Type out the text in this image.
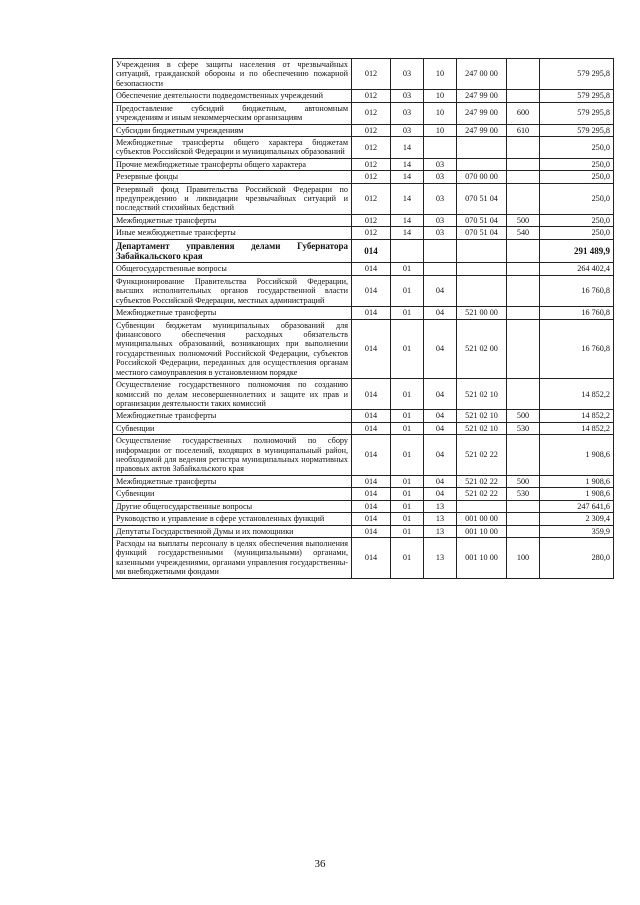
Учреждения в сфере защиты населения от чрезвычайных ситуаций, гражданской обороны и по обеспечению пожарной безопасности	012	03	10	247 00 00		579 295,8
Обеспечение деятельности подведомственных учреждений	012	03	10	247 99 00		579 295,8
Предоставление субсидий бюджетным, автономным учреждениям и иным некоммерческим организациям	012	03	10	247 99 00	600	579 295,8
Субсидии бюджетным учреждениям	012	03	10	247 99 00	610	579 295,8
Межбюджетные трансферты общего характера бюджетам субъектов Российской Федерации и муниципальных образований	012	14				250,0
Прочие межбюджетные трансферты общего характера	012	14	03			250,0
Резервные фонды	012	14	03	070 00 00		250,0
Резервный фонд Правительства Российской Федерации по предупреждению и ликвидации чрезвычайных ситуаций и последствий стихийных бедствий	012	14	03	070 51 04		250,0
Межбюджетные трансферты	012	14	03	070 51 04	500	250,0
Иные межбюджетные трансферты	012	14	03	070 51 04	540	250,0
Департамент управления делами Губернатора Забайкальского края	014					291 489,9
Общегосударственные вопросы	014	01				264 402,4
Функционирование Правительства Российской Федерации, высших исполнительных органов государственной власти субъектов Российской Федерации, местных администраций	014	01	04			16 760,8
Межбюджетные трансферты	014	01	04	521 00 00		16 760,8
Субвенции бюджетам муниципальных образований для финансового обеспечения расходных обязательств муниципальных образований, возникающих при выполнении государственных полномочий Российской Федерации, субъектов Российской Федерации, переданных для осуществления органам местного самоуправления в установленном порядке	014	01	04	521 02 00		16 760,8
Осуществление государственного полномочия по созданию комиссий по делам несовершеннолетних и защите их прав и организации деятельности таких комиссий	014	01	04	521 02 10		14 852,2
Межбюджетные трансферты	014	01	04	521 02 10	500	14 852,2
Субвенции	014	01	04	521 02 10	530	14 852,2
Осуществление государственных полномочий по сбору информации от поселений, входящих в муниципальный район, необходимой для ведения регистра муниципальных нормативных правовых актов Забайкальского края	014	01	04	521 02 22		1 908,6
Межбюджетные трансферты	014	01	04	521 02 22	500	1 908,6
Субвенции	014	01	04	521 02 22	530	1 908,6
Другие общегосударственные вопросы	014	01	13			247 641,6
Руководство и управление в сфере установленных функций	014	01	13	001 00 00		2 309,4
Депутаты Государственной Думы и их помощники	014	01	13	001 10 00		359,9
Расходы на выплаты персоналу в целях обеспечения выполнения функций государственными (муниципальными) органами, казенными учреждениями, органами управления государственными внебюджетными фондами	014	01	13	001 10 00	100	280,0
36
